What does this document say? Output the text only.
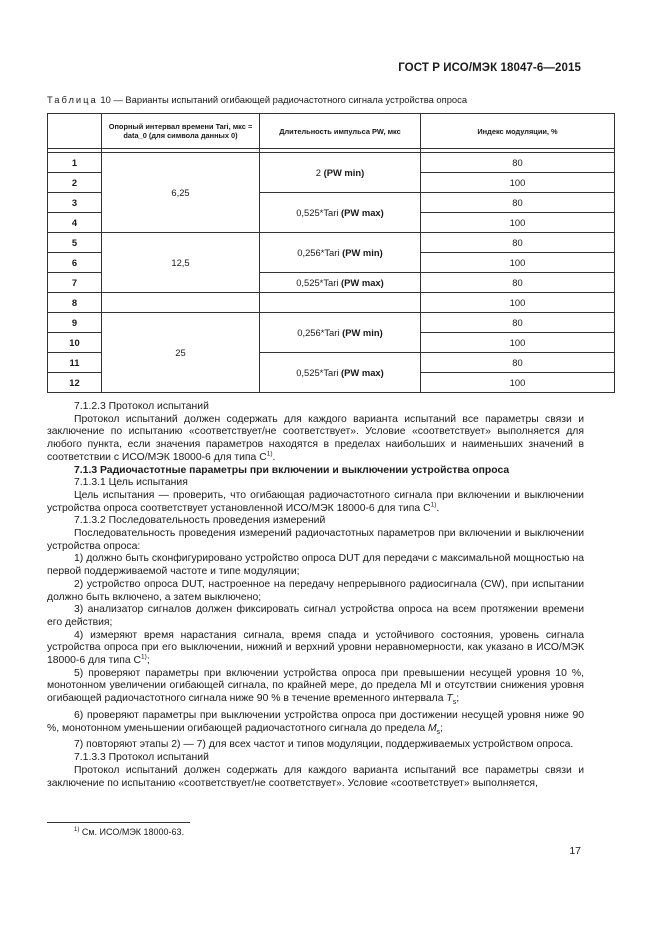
ГОСТ Р ИСО/МЭК 18047-6—2015
Таблица 10 — Варианты испытаний огибающей радиочастотного сигнала устройства опроса
	Опорный интервал времени Tari, мкс = data_0 (для символа данных 0)	Длительность импульса PW, мкс	Индекс модуляции, %

1	6,25	2 (PW min)	80
2			100
3		0,525*Tari (PW max)	80
4			100
5	12,5	0,256*Tari (PW min)	80
6			100
7		0,525*Tari (PW max)	80
8			100
9	25	0,256*Tari (PW min)	80
10			100
11		0,525*Tari (PW max)	80
12			100

7.1.2.3 Протокол испытаний

Протокол испытаний должен содержать для каждого варианта испытаний все параметры связи и заключение по испытанию «соответствует/не соответствует». Условие «соответствует» выполняется для любого пункта, если значения параметров находятся в пределах наибольших и наименьших значений в соответствии с ИСО/МЭК 18000-6 для типа $С^{1)}$.

7.1.3 Радиочастотные параметры при включении и выключении устройства опроса

7.1.3.1 Цель испытания

Цель испытания — проверить, что огибающая радиочастотного сигнала при включении и выключении устройства опроса соответствует установленной ИСО/МЭК 18000-6 для типа $С^{1)}$.

7.1.3.2 Последовательность проведения измерений

Последовательность проведения измерений радиочастотных параметров при включении и выключении устройства опроса:

1) должно быть сконфигурировано устройство опроса DUT для передачи с максимальной мощностью на первой поддерживаемой частоте и типе модуляции;

2) устройство опроса DUT, настроенное на передачу непрерывного радиосигнала (CW), при испытании должно быть включено, а затем выключено;

3) анализатор сигналов должен фиксировать сигнал устройства опроса на всем протяжении времени его действия;

4) измеряют время нарастания сигнала, время спада и устойчивого состояния, уровень сигнала устройства опроса при его выключении, нижний и верхний уровни неравномерности, как указано в ИСО/МЭК 18000-6 для типа $С^{1)}$;

5) проверяют параметры при включении устройства опроса при превышении несущей уровня 10 %, монотонном увеличении огибающей сигнала, по крайней мере, до предела MI и отсутствии снижения уровня огибающей радиочастотного сигнала ниже 90 % в течение временного интервала $T_s$;

6) проверяют параметры при выключении устройства опроса при достижении несущей уровня ниже 90 %, монотонном уменьшении огибающей радиочастотного сигнала до предела $M_s$;

7) повторяют этапы 2) — 7) для всех частот и типов модуляции, поддерживаемых устройством опроса.

7.1.3.3 Протокол испытаний

Протокол испытаний должен содержать для каждого варианта испытаний все параметры связи и заключение по испытанию «соответствует/не соответствует». Условие «соответствует» выполняется,

$^{1)}$ См. ИСО/МЭК 18000-63.
17
